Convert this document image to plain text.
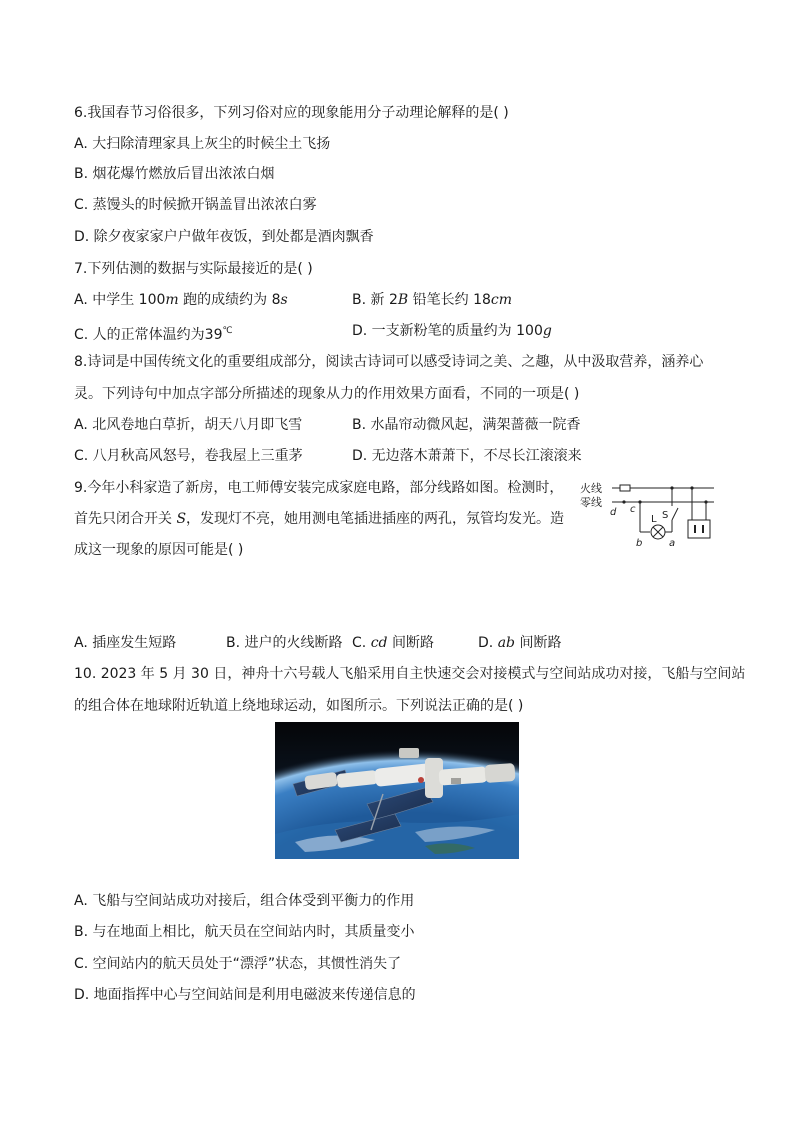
6.我国春节习俗很多，下列习俗对应的现象能用分子动理论解释的是( )
A. 大扫除清理家具上灰尘的时候尘土飞扬
B. 烟花爆竹燃放后冒出浓浓白烟
C. 蒸馒头的时候掀开锅盖冒出浓浓白雾
D. 除夕夜家家户户做年夜饭，到处都是酒肉飘香
7.下列估测的数据与实际最接近的是( )
A. 中学生 100m 跑的成绩约为 8s	B. 新 2B 铅笔长约 18cm
C. 人的正常体温约为39℃	D. 一支新粉笔的质量约为 100g
8.诗词是中国传统文化的重要组成部分，阅读古诗词可以感受诗词之美、之趣，从中汲取营养，涵养心
灵。下列诗句中加点字部分所描述的现象从力的作用效果方面看，不同的一项是( )
A. 北风卷地白草折，胡天八月即飞雪	B. 水晶帘动微风起，满架蔷薇一院香
C. 八月秋高风怒号，卷我屋上三重茅	D. 无边落木萧萧下，不尽长江滚滚来
9.今年小科家造了新房，电工师傅安装完成家庭电路，部分线路如图。检测时，
首先只闭合开关 S，发现灯不亮，她用测电笔插进插座的两孔，氖管均发光。造
成这一现象的原因可能是( )
火线
零线
d c
b	a
L S
A. 插座发生短路	B. 进户的火线断路 C. cd 间断路	D. ab 间断路
10. 2023 年 5 月 30 日，神舟十六号载人飞船采用自主快速交会对接模式与空间站成功对接，飞船与空间站
的组合体在地球附近轨道上绕地球运动，如图所示。下列说法正确的是( )
A. 飞船与空间站成功对接后，组合体受到平衡力的作用
B. 与在地面上相比，航天员在空间站内时，其质量变小
C. 空间站内的航天员处于“漂浮”状态，其惯性消失了
D. 地面指挥中心与空间站间是利用电磁波来传递信息的
